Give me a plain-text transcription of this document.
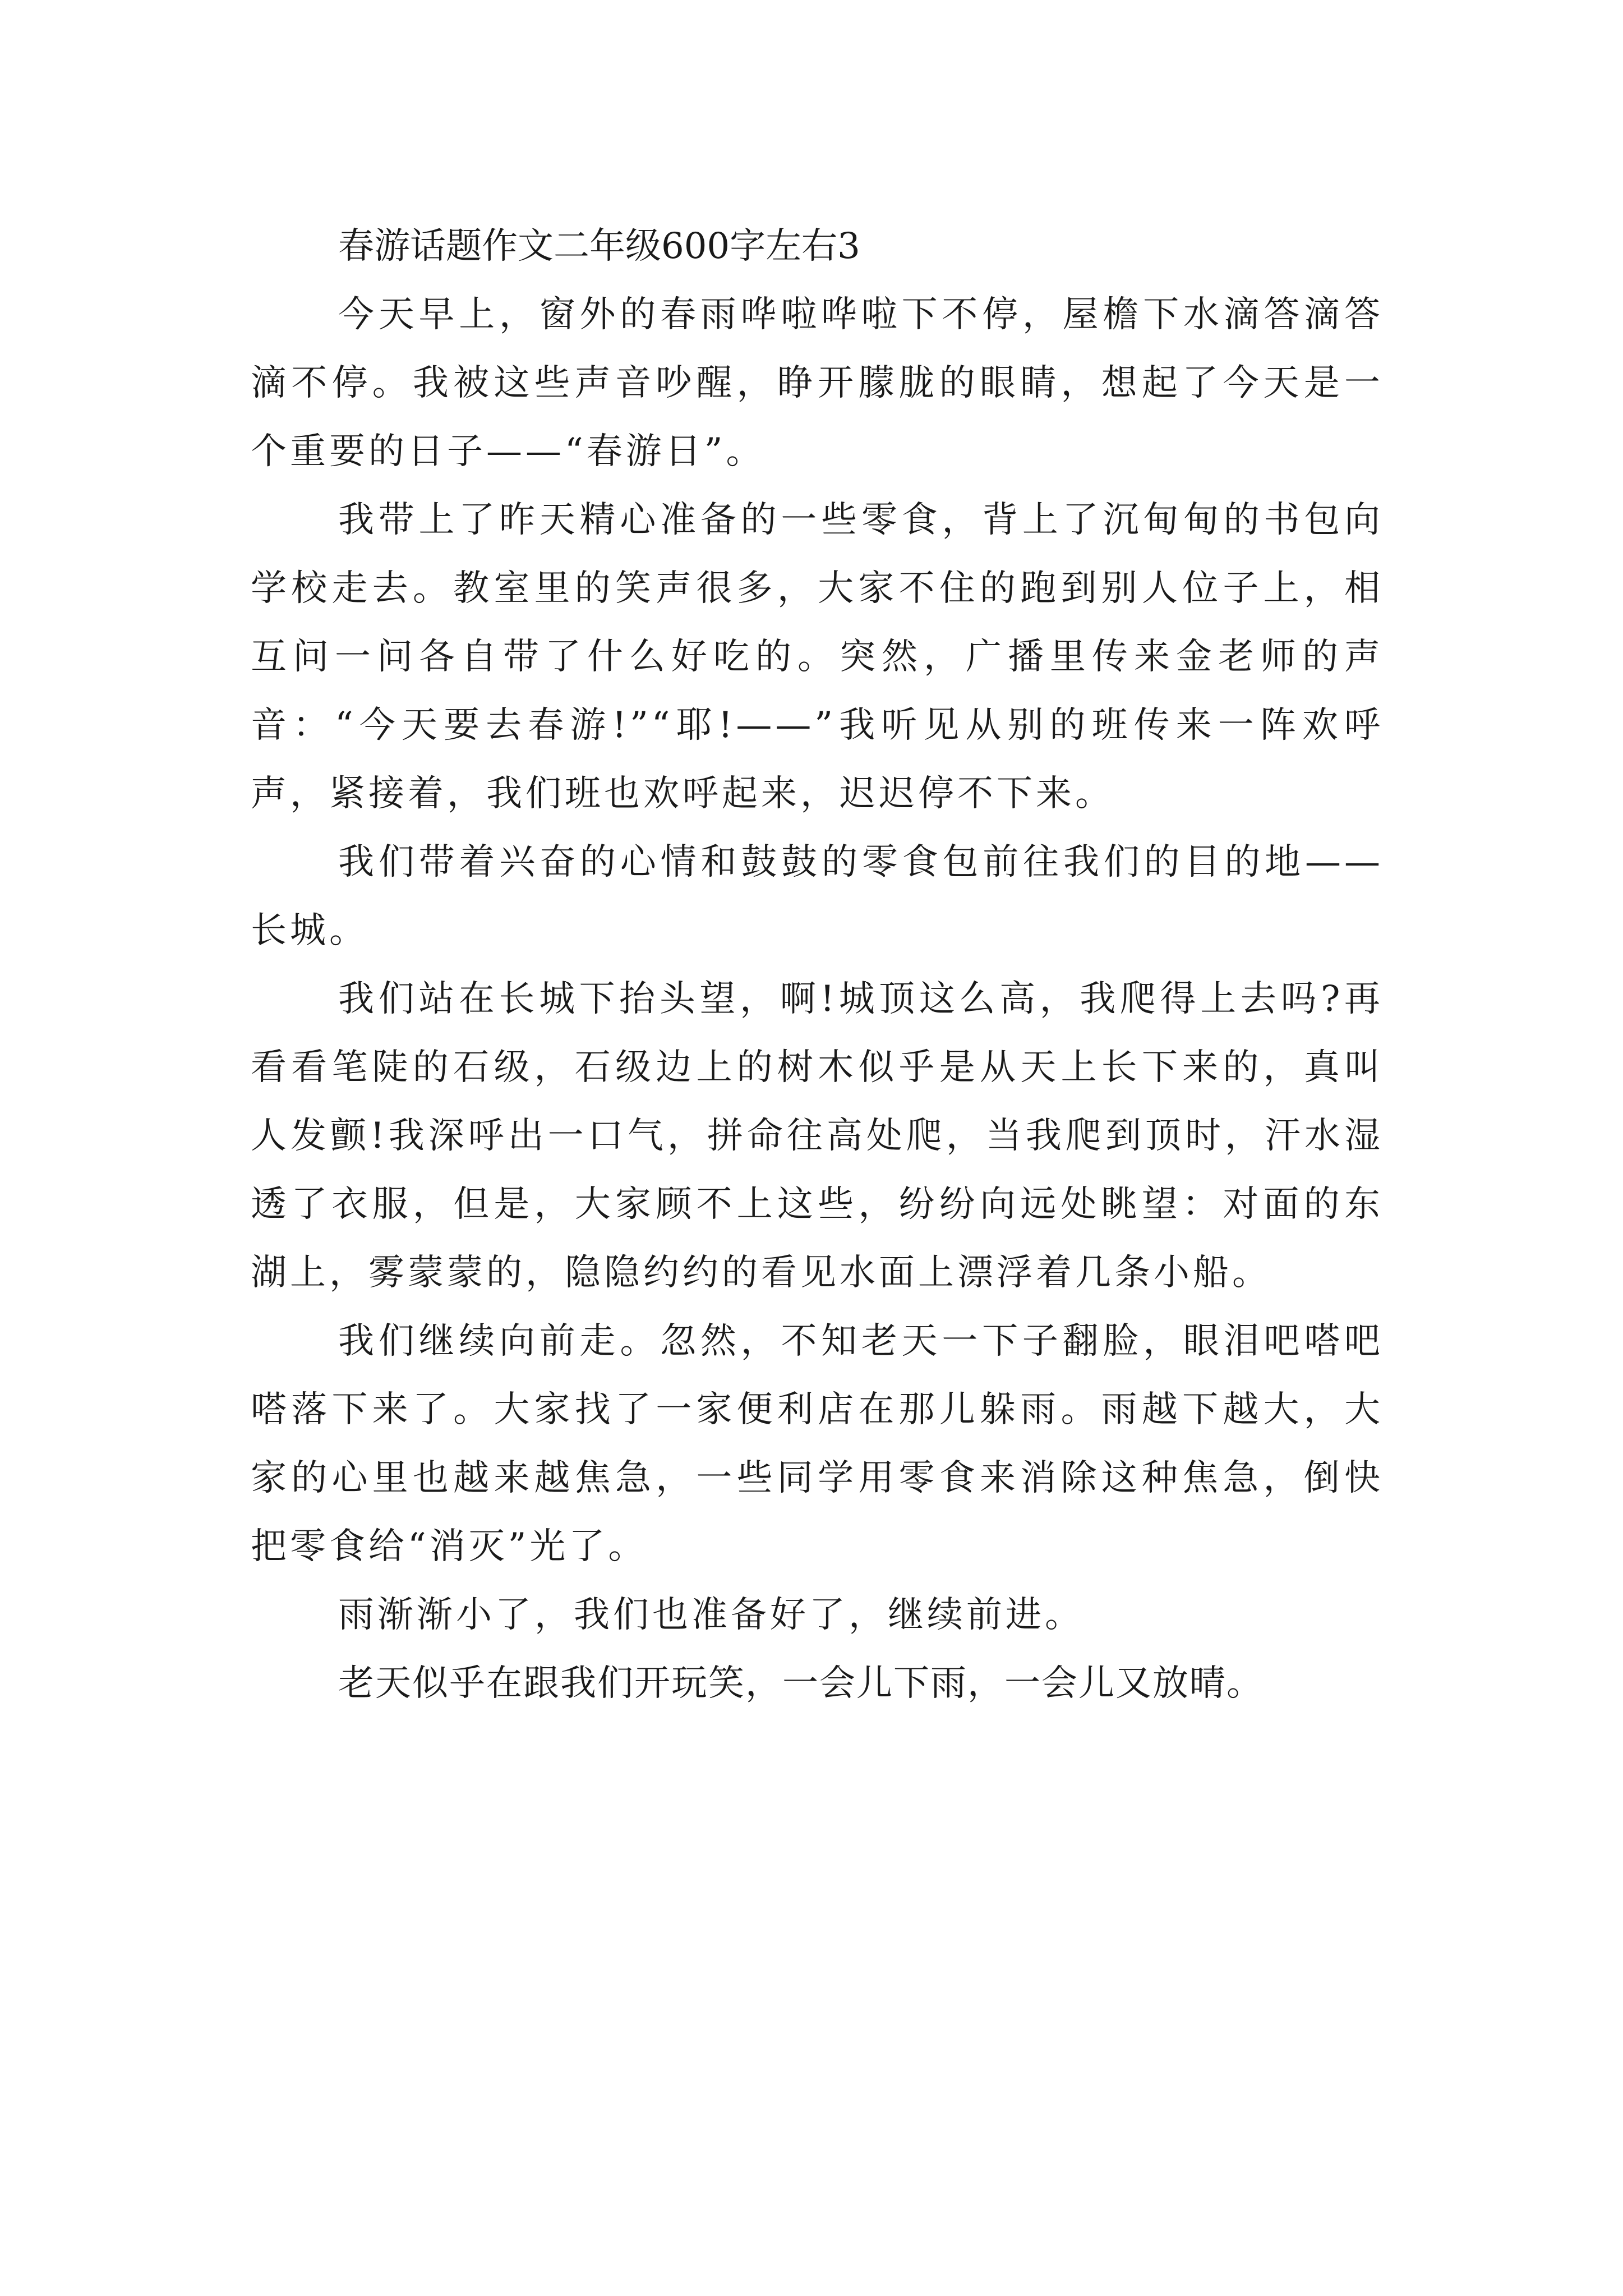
春游话题作文二年级600字左右3

今天早上，窗外的春雨哗啦哗啦下不停，屋檐下水滴答滴答滴不停。我被这些声音吵醒，睁开朦胧的眼睛，想起了今天是一个重要的日子——“春游日”。

我带上了昨天精心准备的一些零食，背上了沉甸甸的书包向学校走去。教室里的笑声很多，大家不住的跑到别人位子上，相互问一问各自带了什么好吃的。突然，广播里传来金老师的声音：“今天要去春游!”“耶!——”我听见从别的班传来一阵欢呼声，紧接着，我们班也欢呼起来，迟迟停不下来。

我们带着兴奋的心情和鼓鼓的零食包前往我们的目的地——长城。

我们站在长城下抬头望，啊!城顶这么高，我爬得上去吗?再看看笔陡的石级，石级边上的树木似乎是从天上长下来的，真叫人发颤!我深呼出一口气，拼命往高处爬，当我爬到顶时，汗水湿透了衣服，但是，大家顾不上这些，纷纷向远处眺望：对面的东湖上，雾蒙蒙的，隐隐约约的看见水面上漂浮着几条小船。

我们继续向前走。忽然，不知老天一下子翻脸，眼泪吧嗒吧嗒落下来了。大家找了一家便利店在那儿躲雨。雨越下越大，大家的心里也越来越焦急，一些同学用零食来消除这种焦急，倒快把零食给“消灭”光了。

雨渐渐小了，我们也准备好了，继续前进。

老天似乎在跟我们开玩笑，一会儿下雨，一会儿又放晴。
